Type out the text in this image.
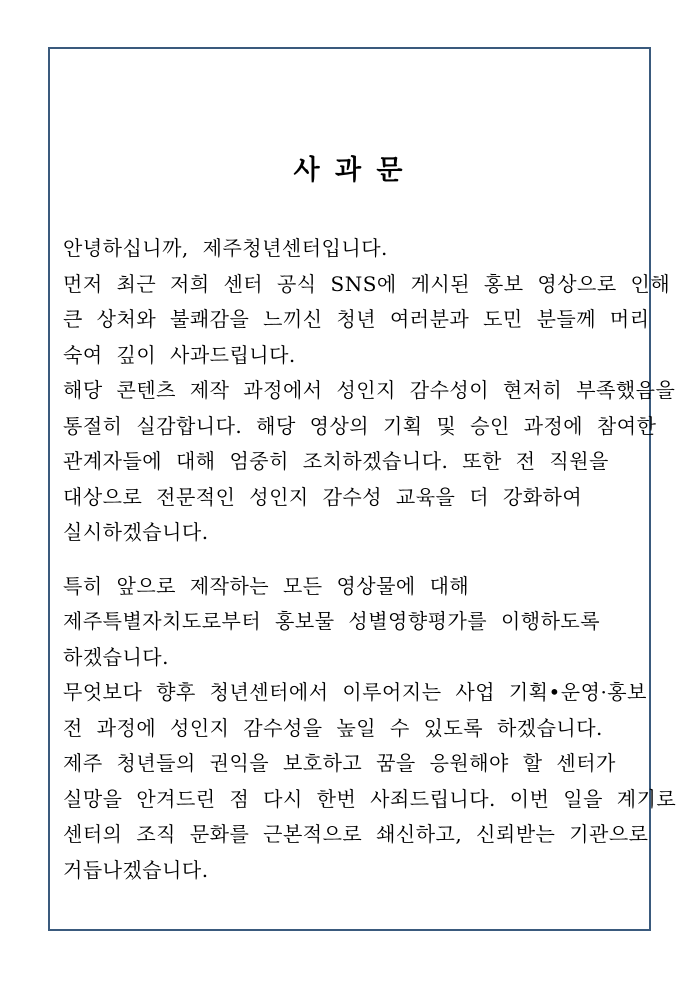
사 과 문
안녕하십니까, 제주청년센터입니다.
먼저 최근 저희 센터 공식 SNS에 게시된 홍보 영상으로 인해
큰 상처와 불쾌감을 느끼신 청년 여러분과 도민 분들께 머리
숙여 깊이 사과드립니다.
해당 콘텐츠 제작 과정에서 성인지 감수성이 현저히 부족했음을
통절히 실감합니다. 해당 영상의 기획 및 승인 과정에 참여한
관계자들에 대해 엄중히 조치하겠습니다. 또한 전 직원을
대상으로 전문적인 성인지 감수성 교육을 더 강화하여
실시하겠습니다.
특히 앞으로 제작하는 모든 영상물에 대해
제주특별자치도로부터 홍보물 성별영향평가를 이행하도록
하겠습니다.
무엇보다 향후 청년센터에서 이루어지는 사업 기획•운영·홍보
전 과정에 성인지 감수성을 높일 수 있도록 하겠습니다.
제주 청년들의 권익을 보호하고 꿈을 응원해야 할 센터가
실망을 안겨드린 점 다시 한번 사죄드립니다. 이번 일을 계기로
센터의 조직 문화를 근본적으로 쇄신하고, 신뢰받는 기관으로
거듭나겠습니다.
